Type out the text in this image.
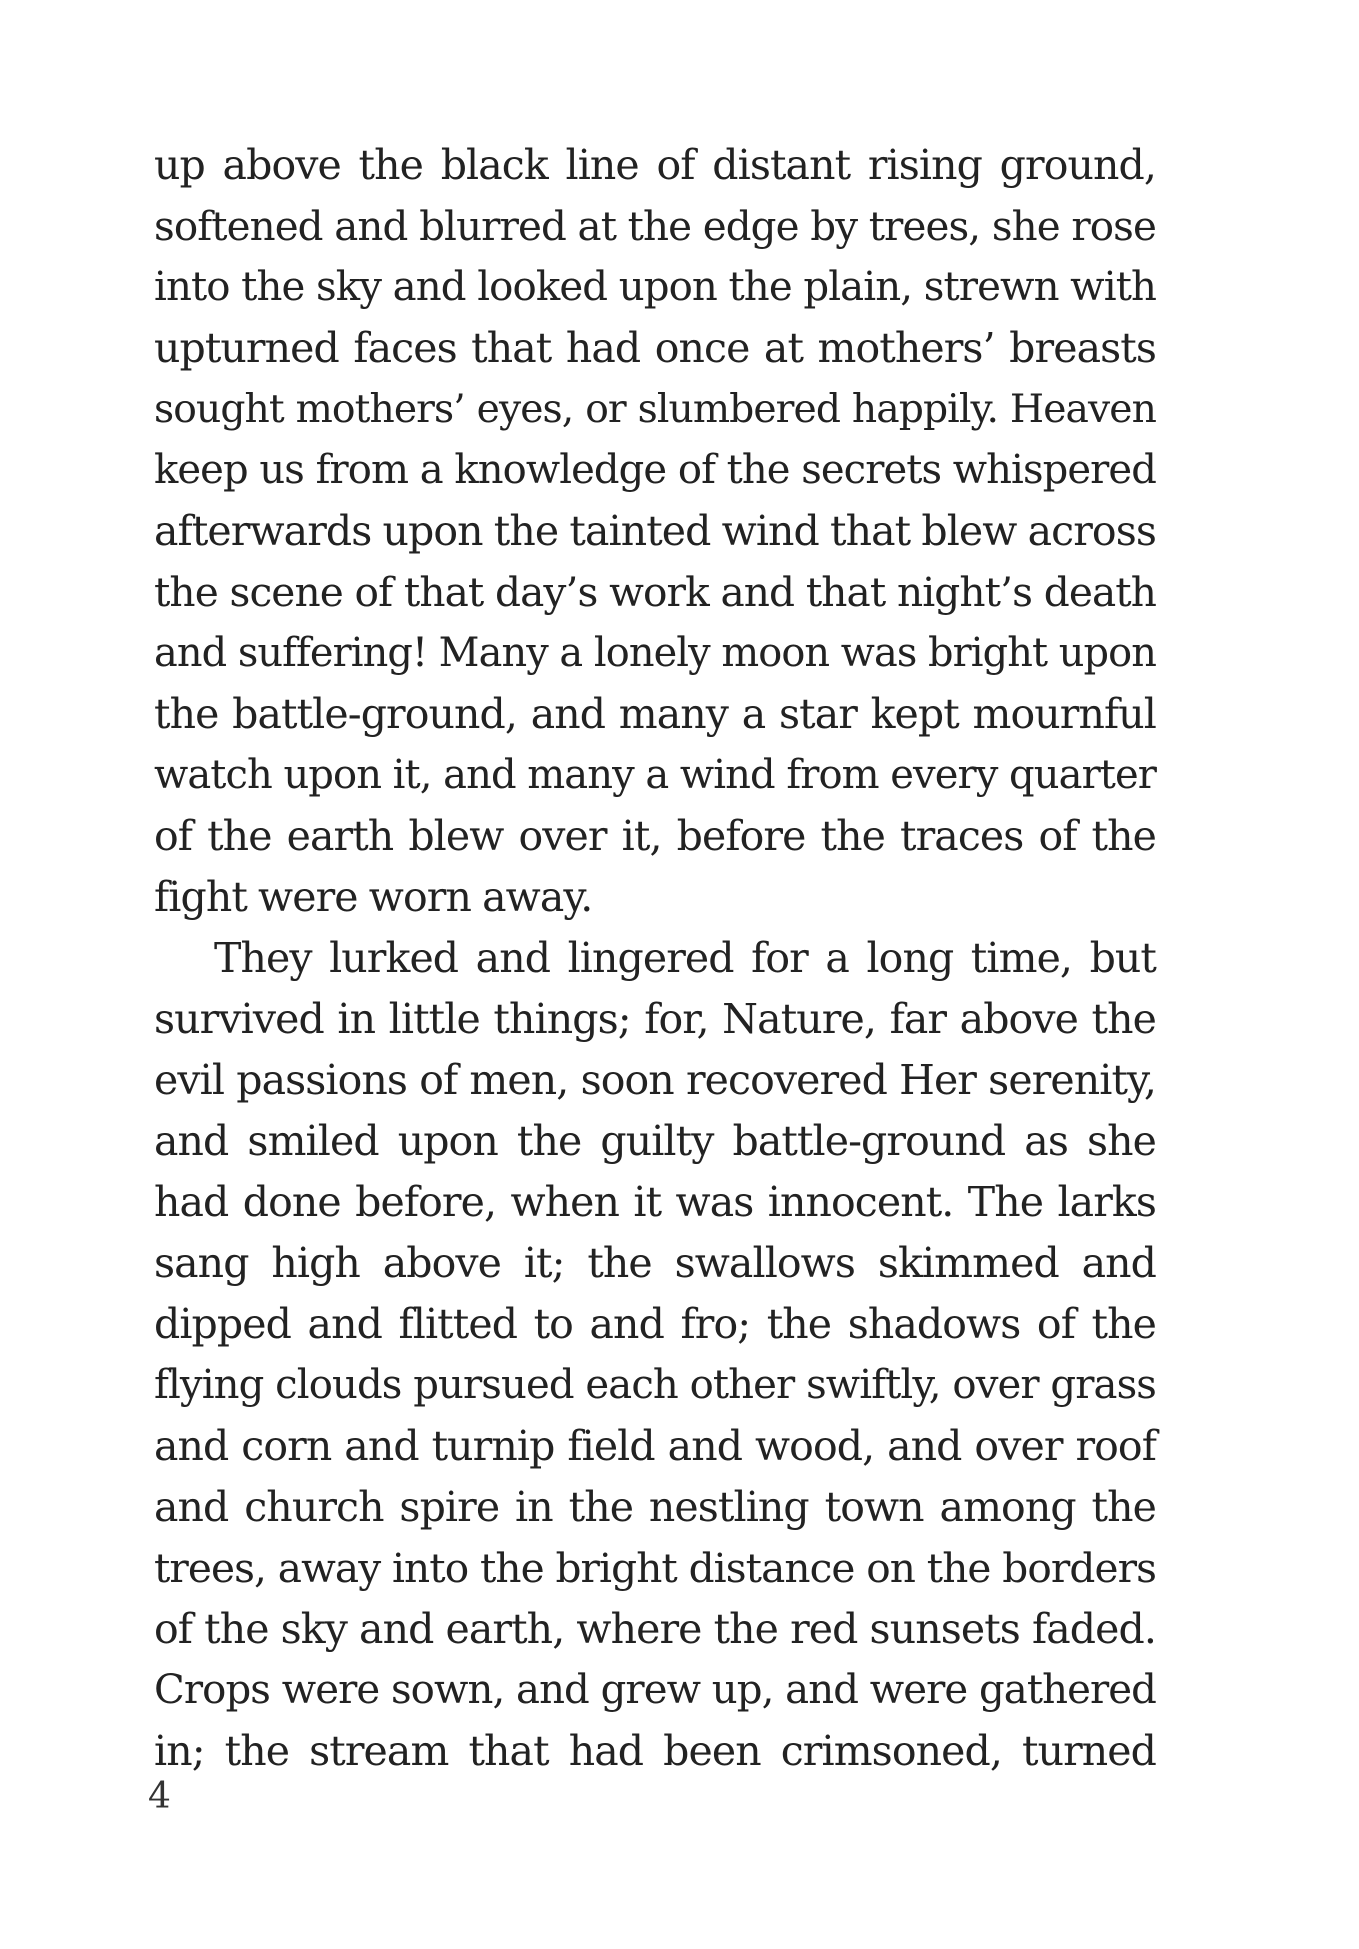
up above the black line of distant rising ground,
softened and blurred at the edge by trees, she rose
into the sky and looked upon the plain, strewn with
upturned faces that had once at mothers’ breasts
sought mothers’ eyes, or slumbered happily. Heaven
keep us from a knowledge of the secrets whispered
afterwards upon the tainted wind that blew across
the scene of that day’s work and that night’s death
and suffering! Many a lonely moon was bright upon
the battle-ground, and many a star kept mournful
watch upon it, and many a wind from every quarter
of the earth blew over it, before the traces of the
fight were worn away.
They lurked and lingered for a long time, but
survived in little things; for, Nature, far above the
evil passions of men, soon recovered Her serenity,
and smiled upon the guilty battle-ground as she
had done before, when it was innocent. The larks
sang high above it; the swallows skimmed and
dipped and flitted to and fro; the shadows of the
flying clouds pursued each other swiftly, over grass
and corn and turnip field and wood, and over roof
and church spire in the nestling town among the
trees, away into the bright distance on the borders
of the sky and earth, where the red sunsets faded.
Crops were sown, and grew up, and were gathered
in; the stream that had been crimsoned, turned
4
